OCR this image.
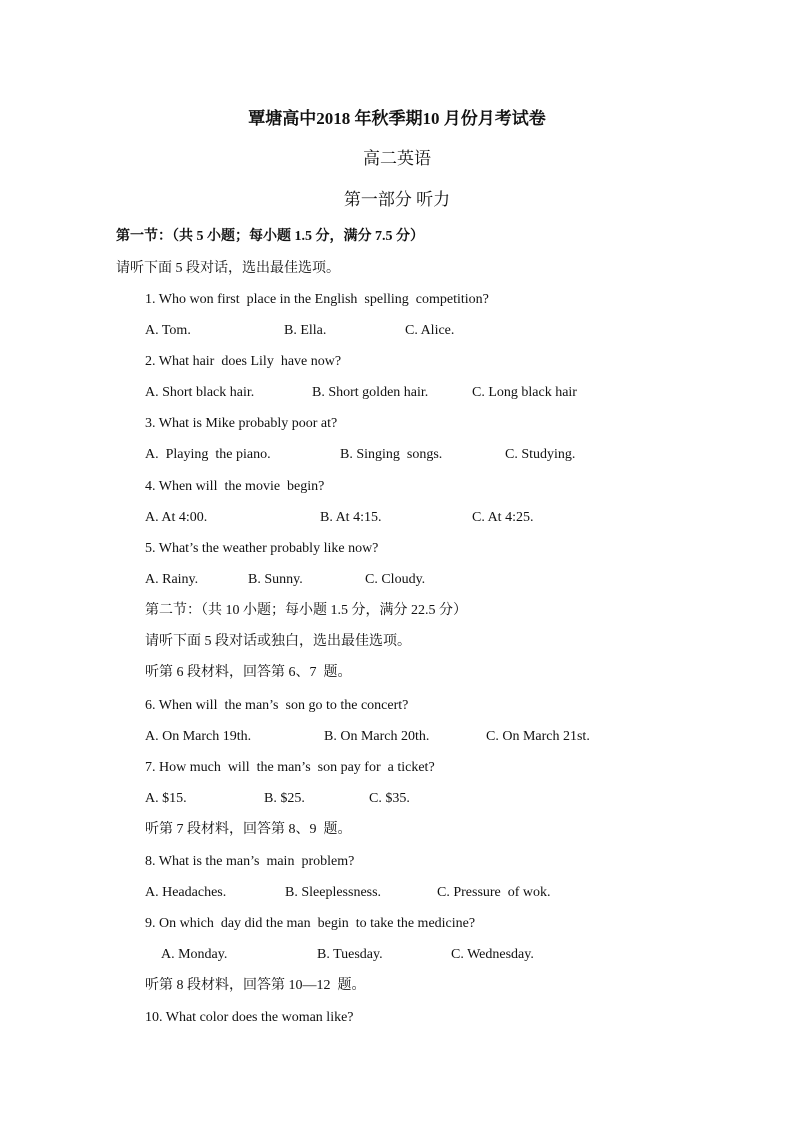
覃塘高中2018 年秋季期10 月份月考试卷
高二英语
第一部分 听力
第一节：（共 5 小题；每小题 1.5 分，满分 7.5 分）
请听下面 5 段对话，选出最佳选项。
1. Who won first  place in the English  spelling  competition?
A. Tom.	B. Ella.	C. Alice.
2. What hair  does Lily  have now?
A. Short black hair.	B. Short golden hair.	C. Long black hair
3. What is Mike probably poor at?
A.  Playing  the piano.	B. Singing  songs.	C. Studying.
4. When will  the movie  begin?
A. At 4:00.	B. At 4:15.	C. At 4:25.
5. What’s the weather probably like now?
A. Rainy.	B. Sunny.	C. Cloudy.
第二节：（共 10 小题；每小题 1.5 分，满分 22.5 分）
请听下面 5 段对话或独白，选出最佳选项。
听第 6 段材料，回答第 6、7  题。
6. When will  the man’s  son go to the concert?
A. On March 19th.	B. On March 20th.	C. On March 21st.
7. How much  will  the man’s  son pay for  a ticket?
A. $15.	B. $25.	C. $35.
听第 7 段材料，回答第 8、9  题。
8. What is the man’s  main  problem?
A. Headaches.	B. Sleeplessness.	C. Pressure  of wok.
9. On which  day did the man  begin  to take the medicine?
A. Monday.	B. Tuesday.	C. Wednesday.
听第 8 段材料，回答第 10—12  题。
10. What color does the woman like?
